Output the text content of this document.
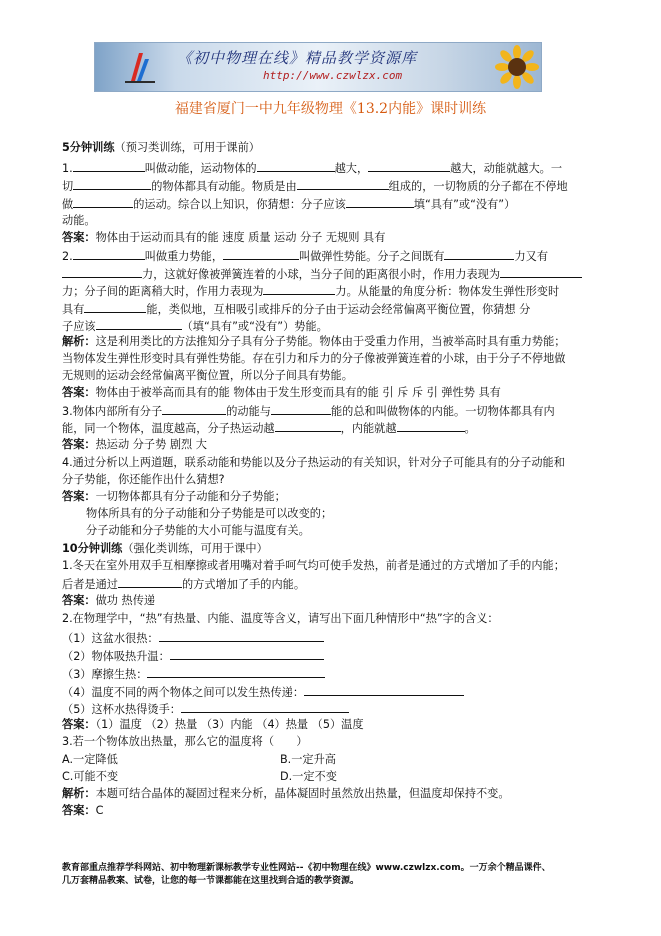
《初中物理在线》精品教学资源库
http://www.czwlzx.com
福建省厦门一中九年级物理《13.2内能》课时训练
5分钟训练（预习类训练，可用于课前）
1.	叫做动能，运动物体的	越大，	越大，动能就越大。一
切	的物体都具有动能。物质是由	组成的，一切物质的分子都在不停地
做	的运动。综合以上知识，你猜想：分子应该	填“具有”或“没有”）
动能。
答案：物体由于运动而具有的能 速度 质量 运动 分子 无规则 具有
2.	叫做重力势能，	叫做弹性势能。分子之间既有	力又有
力，这就好像被弹簧连着的小球，当分子间的距离很小时，作用力表现为
力；分子间的距离稍大时，作用力表现为	力。从能量的角度分析：物体发生弹性形变时
具有	能，类似地，互相吸引或排斥的分子由于运动会经常偏离平衡位置，你猜想 分
子应该	（填“具有”或“没有”）势能。
解析：这是利用类比的方法推知分子具有分子势能。物体由于受重力作用，当被举高时具有重力势能；
当物体发生弹性形变时具有弹性势能。存在引力和斥力的分子像被弹簧连着的小球，由于分子不停地做
无规则的运动会经常偏离平衡位置，所以分子间具有势能。
答案：物体由于被举高而具有的能 物体由于发生形变而具有的能 引 斥 斥 引 弹性势 具有
3.物体内部所有分子	的动能与	能的总和叫做物体的内能。一切物体都具有内
能，同一个物体，温度越高，分子热运动越	，内能就越	。
答案：热运动 分子势 剧烈 大
4.通过分析以上两道题，联系动能和势能以及分子热运动的有关知识，针对分子可能具有的分子动能和
分子势能，你还能作出什么猜想?
答案：一切物体都具有分子动能和分子势能；
物体所具有的分子动能和分子势能是可以改变的；
分子动能和分子势能的大小可能与温度有关。
10分钟训练（强化类训练，可用于课中）
1.冬天在室外用双手互相摩擦或者用嘴对着手呵气均可使手发热，前者是通过的方式增加了手的内能；
后者是通过	的方式增加了手的内能。
答案：做功 热传递
2.在物理学中，“热”有热量、内能、温度等含义，请写出下面几种情形中“热”字的含义：
（1）这盆水很热：
（2）物体吸热升温：
（3）摩擦生热：
（4）温度不同的两个物体之间可以发生热传递：
（5）这杯水热得烫手：
答案：（1）温度 （2）热量 （3）内能 （4）热量 （5）温度
3.若一个物体放出热量，那么它的温度将（　　）
A.一定降低	B.一定升高
C.可能不变	D.一定不变
解析：本题可结合晶体的凝固过程来分析，晶体凝固时虽然放出热量，但温度却保持不变。
答案：C
教育部重点推荐学科网站、初中物理新课标教学专业性网站--《初中物理在线》www.czwlzx.com。一万余个精品课件、
几万套精品教案、试卷，让您的每一节课都能在这里找到合适的教学资源。
